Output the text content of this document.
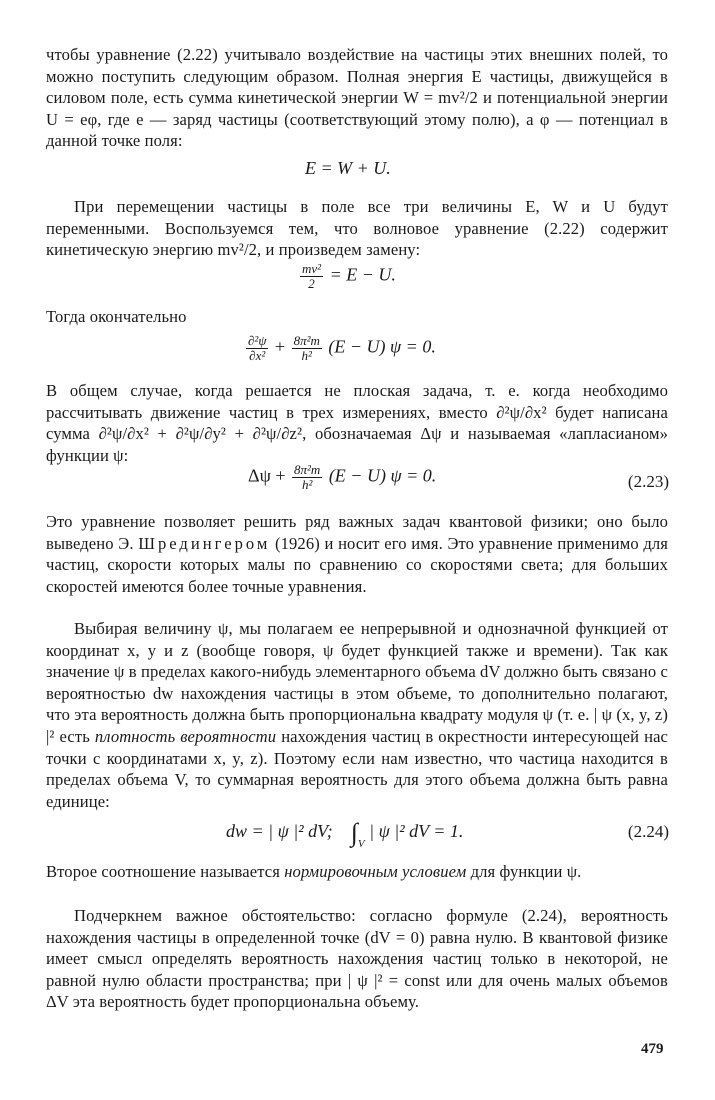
чтобы уравнение (2.22) учитывало воздействие на частицы этих внешних полей, то можно поступить следующим образом. Полная энергия E частицы, движущейся в силовом поле, есть сумма кинетической энергии W = mv²/2 и потенциальной энергии U = eφ, где e — заряд частицы (соответствующий этому полю), а φ — потенциал в данной точке поля:

E = W + U.

При перемещении частицы в поле все три величины E, W и U будут переменными. Воспользуемся тем, что волновое уравнение (2.22) содержит кинетическую энергию mv²/2, и произведем замену:

$\frac{\text{mv²}}{2} = E - U$.

Тогда окончательно

$\frac{\text{∂²ψ}}{\text{∂x²}} + \frac{\text{8π²m}}{\text{h²}} (E - U) \psi = 0$.

В общем случае, когда решается не плоская задача, т. е. когда необходимо рассчитывать движение частиц в трех измерениях, вместо ∂²ψ/∂x² будет написана сумма ∂²ψ/∂x² + ∂²ψ/∂y² + ∂²ψ/∂z², обозначаемая Δψ и называемая «лапласианом» функции ψ:

$\Delta\psi + \frac{\text{8π²m}}{\text{h²}} (E - U) \psi = 0$.	(2.23)

Это уравнение позволяет решить ряд важных задач квантовой физики; оно было выведено Э. Шредингером (1926) и носит его имя. Это уравнение применимо для частиц, скорости которых малы по сравнению со скоростями света; для больших скоростей имеются более точные уравнения.

Выбирая величину ψ, мы полагаем ее непрерывной и однозначной функцией от координат x, y и z (вообще говоря, ψ будет функцией также и времени). Так как значение ψ в пределах какого-нибудь элементарного объема dV должно быть связано с вероятностью dw нахождения частицы в этом объеме, то дополнительно полагают, что эта вероятность должна быть пропорциональна квадрату модуля ψ (т. е. | ψ (x, y, z) |² есть плотность вероятности нахождения частиц в окрестности интересующей нас точки с координатами x, y, z). Поэтому если нам известно, что частица находится в пределах объема V, то суммарная вероятность для этого объема должна быть равна единице:

dw = | ψ |² dV; $\int_V$ | ψ |² dV = 1.	(2.24)

Второе соотношение называется нормировочным условием для функции ψ.

Подчеркнем важное обстоятельство: согласно формуле (2.24), вероятность нахождения частицы в определенной точке (dV = 0) равна нулю. В квантовой физике имеет смысл определять вероятность нахождения частиц только в некоторой, не равной нулю области пространства; при | ψ |² = const или для очень малых объемов ΔV эта вероятность будет пропорциональна объему.

479
